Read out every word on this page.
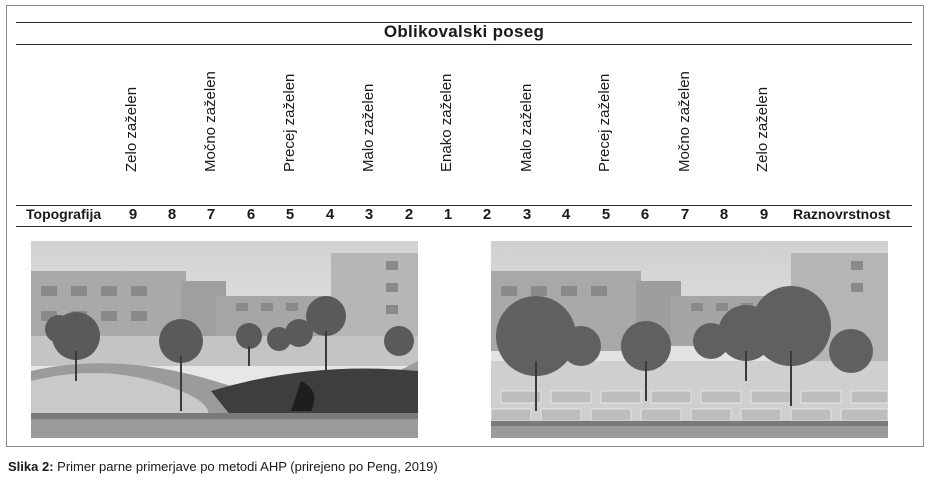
Oblikovalski poseg
Zelo zaželen	Močno zaželen	Precej zaželen	Malo zaželen	Enako zaželen	Malo zaželen	Precej zaželen	Močno zaželen	Zelo zaželen
Topografija	9	8	7	6	5	4	3	2	1	2	3	4	5	6	7	8	9	Raznovrstnost
Slika 2: Primer parne primerjave po metodi AHP (prirejeno po Peng, 2019)
